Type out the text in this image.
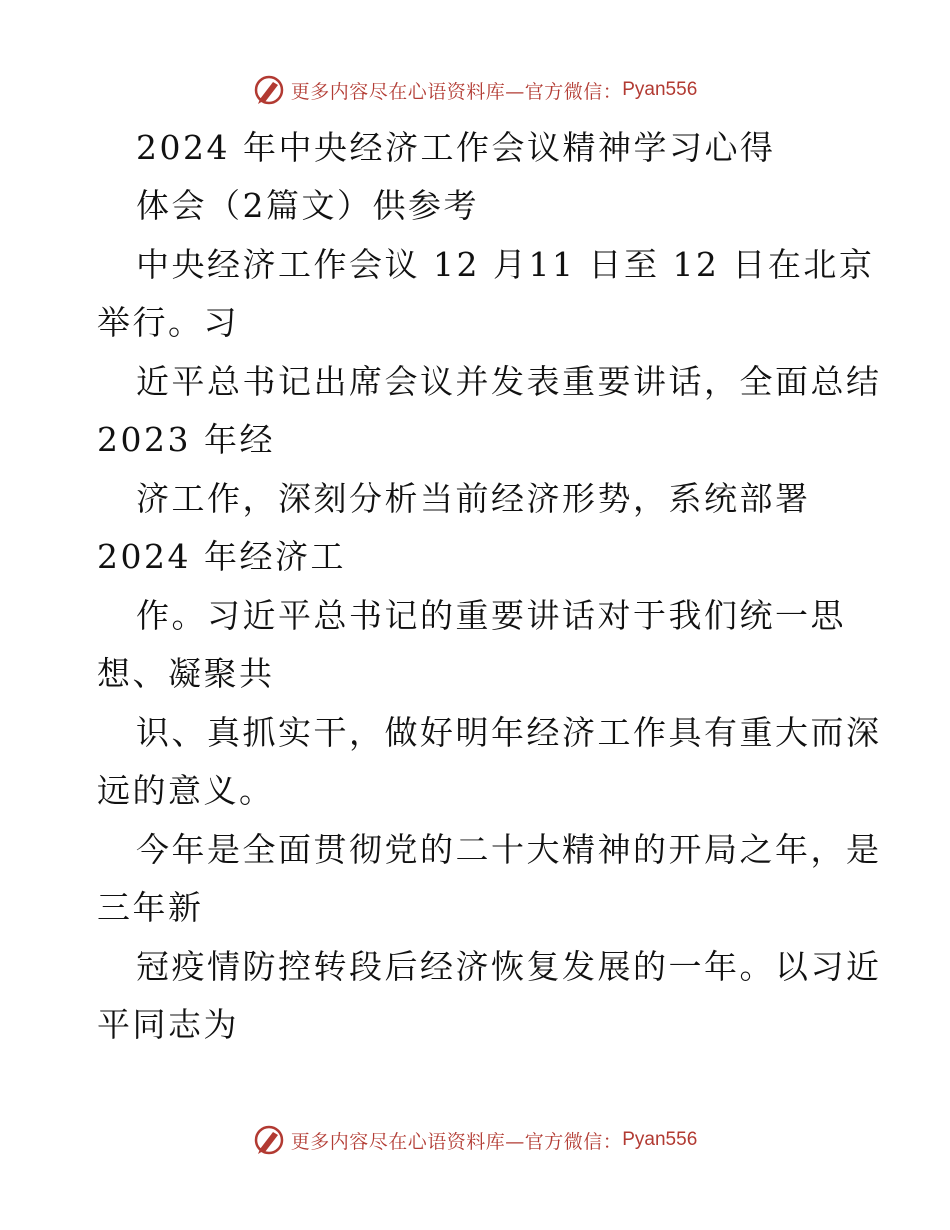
更多内容尽在心语资料库—官方微信： Pyan556
2024 年中央经济工作会议精神学习心得
体会（2篇文）供参考
中央经济工作会议 12 月11 日至 12 日在北京
举行。习
近平总书记出席会议并发表重要讲话，全面总结
2023 年经
济工作，深刻分析当前经济形势，系统部署
2024 年经济工
作。习近平总书记的重要讲话对于我们统一思
想、凝聚共
识、真抓实干，做好明年经济工作具有重大而深
远的意义。
今年是全面贯彻党的二十大精神的开局之年，是
三年新
冠疫情防控转段后经济恢复发展的一年。以习近
平同志为
更多内容尽在心语资料库—官方微信： Pyan556
